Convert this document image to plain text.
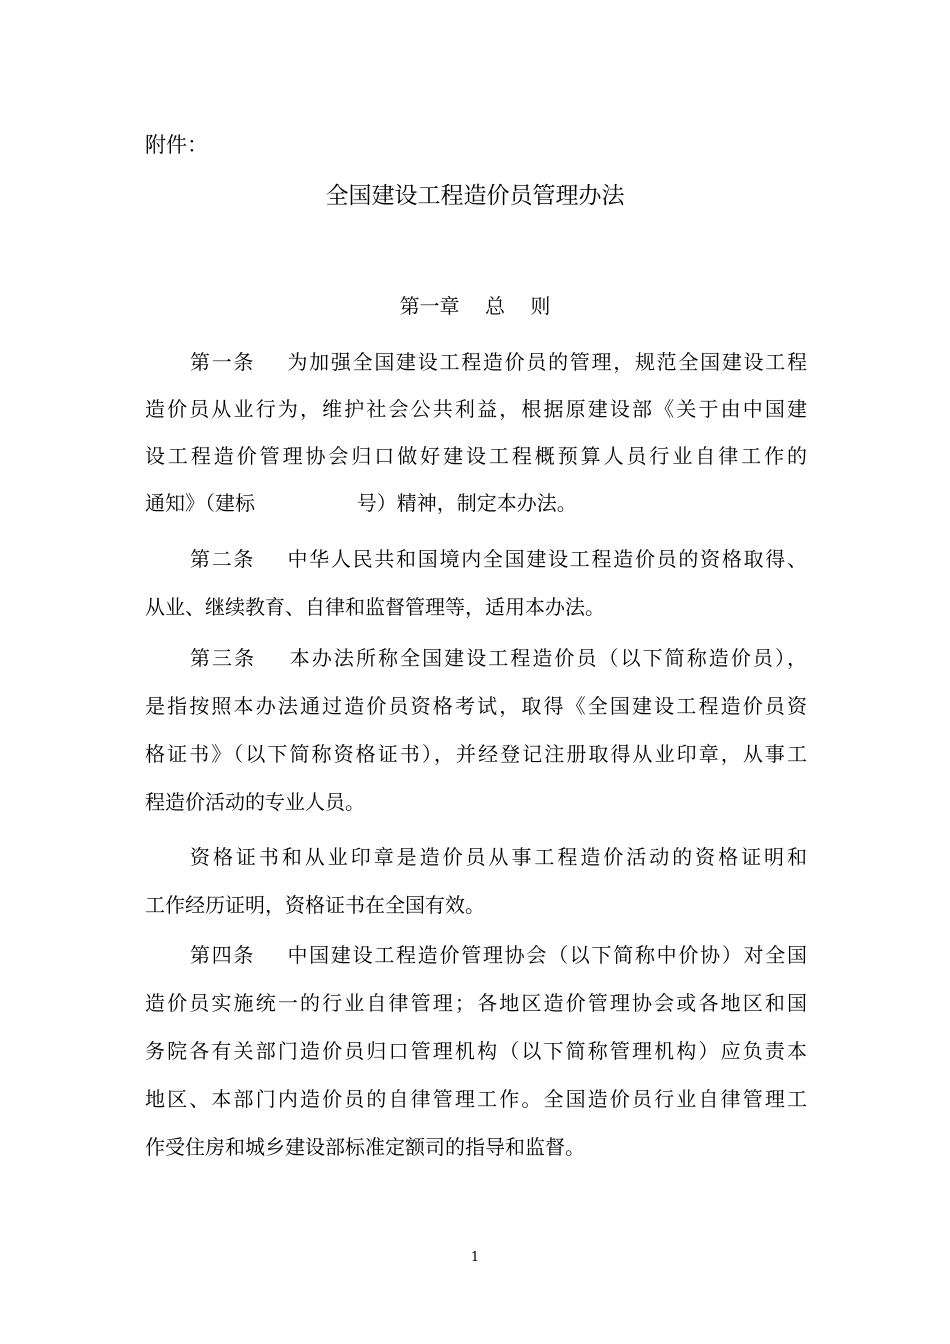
附件：
全国建设工程造价员管理办法
第一章    总    则
第一条    为加强全国建设工程造价员的管理，规范全国建设工程
造价员从业行为，维护社会公共利益，根据原建设部《关于由中国建
设工程造价管理协会归口做好建设工程概预算人员行业自律工作的
通知》（建标                号）精神，制定本办法。
第二条    中华人民共和国境内全国建设工程造价员的资格取得、
从业、继续教育、自律和监督管理等，适用本办法。
第三条    本办法所称全国建设工程造价员（以下简称造价员），
是指按照本办法通过造价员资格考试，取得《全国建设工程造价员资
格证书》（以下简称资格证书），并经登记注册取得从业印章，从事工
程造价活动的专业人员。
资格证书和从业印章是造价员从事工程造价活动的资格证明和
工作经历证明，资格证书在全国有效。
第四条    中国建设工程造价管理协会（以下简称中价协）对全国
造价员实施统一的行业自律管理；各地区造价管理协会或各地区和国
务院各有关部门造价员归口管理机构（以下简称管理机构）应负责本
地区、本部门内造价员的自律管理工作。全国造价员行业自律管理工
作受住房和城乡建设部标准定额司的指导和监督。
1
